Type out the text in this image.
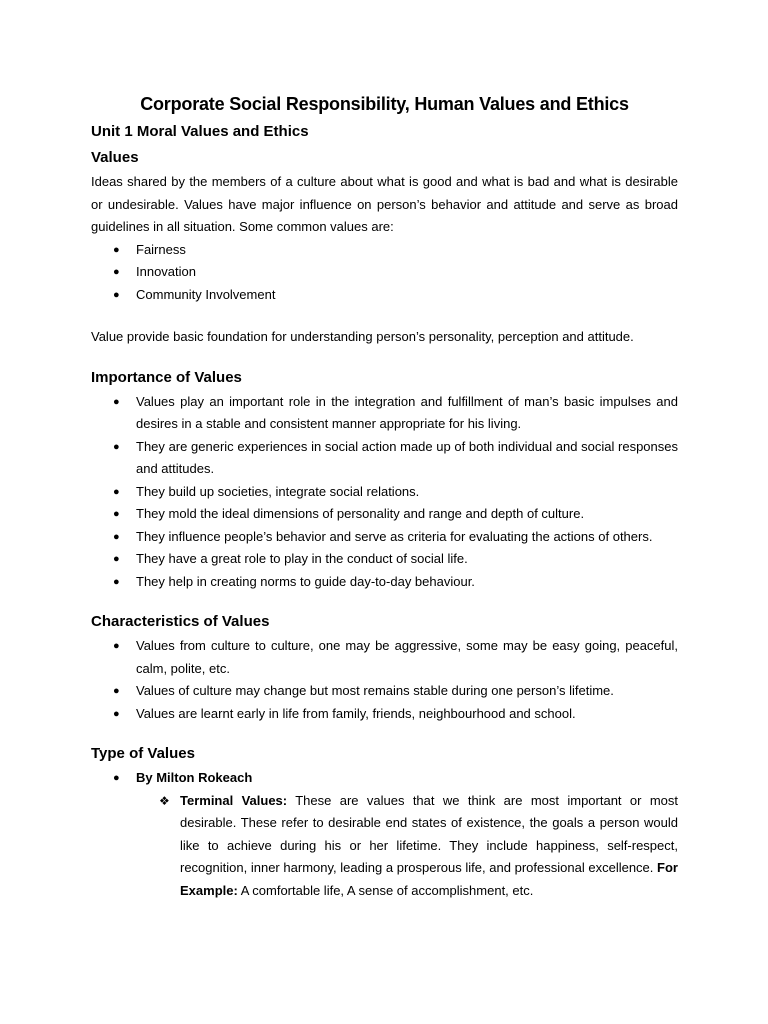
Corporate Social Responsibility, Human Values and Ethics
Unit 1 Moral Values and Ethics
Values

Ideas shared by the members of a culture about what is good and what is bad and what is desirable or undesirable. Values have major influence on person’s behavior and attitude and serve as broad guidelines in all situation. Some common values are:

● Fairness
● Innovation
● Community Involvement

Value provide basic foundation for understanding person’s personality, perception and attitude.

Importance of Values
● Values play an important role in the integration and fulfillment of man’s basic impulses and desires in a stable and consistent manner appropriate for his living.
● They are generic experiences in social action made up of both individual and social responses and attitudes.
● They build up societies, integrate social relations.
● They mold the ideal dimensions of personality and range and depth of culture.
● They influence people’s behavior and serve as criteria for evaluating the actions of others.
● They have a great role to play in the conduct of social life.
● They help in creating norms to guide day-to-day behaviour.
Characteristics of Values
● Values from culture to culture, one may be aggressive, some may be easy going, peaceful, calm, polite, etc.
● Values of culture may change but most remains stable during one person’s lifetime.
● Values are learnt early in life from family, friends, neighbourhood and school.
Type of Values
● By Milton Rokeach
❖ Terminal Values: These are values that we think are most important or most desirable. These refer to desirable end states of existence, the goals a person would like to achieve during his or her lifetime. They include happiness, self-respect, recognition, inner harmony, leading a prosperous life, and professional excellence. For Example: A comfortable life, A sense of accomplishment, etc.
